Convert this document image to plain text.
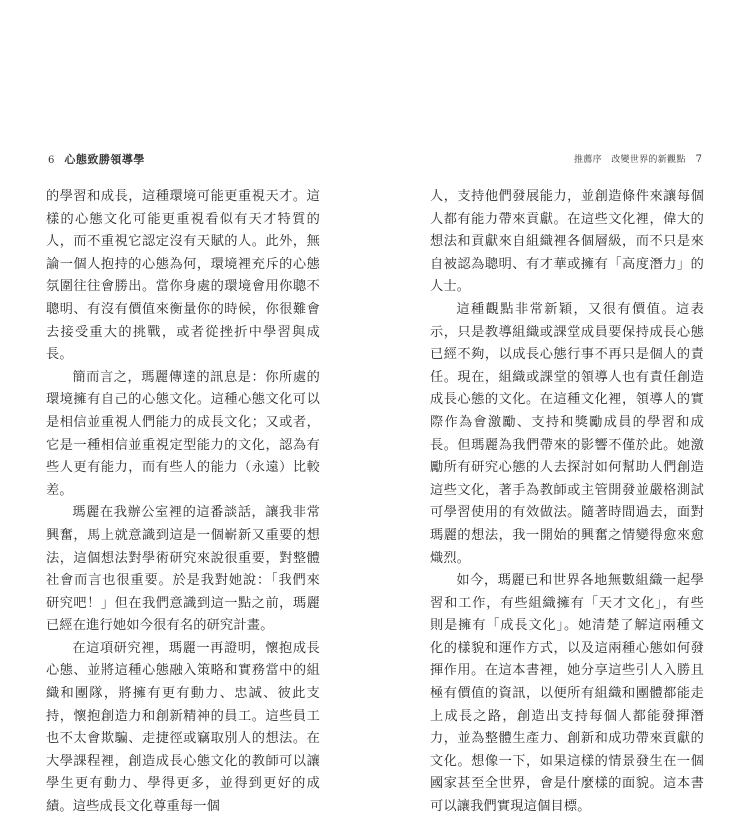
6 心態致勝領導學	推薦序　改變世界的新觀點 7

的學習和成長，這種環境可能更重視天才。這樣的心態文化可能更重視看似有天才特質的人，而不重視它認定沒有天賦的人。此外，無論一個人抱持的心態為何，環境裡充斥的心態氛圍往往會勝出。當你身處的環境會用你聰不聰明、有沒有價值來衡量你的時候，你很難會去接受重大的挑戰，或者從挫折中學習與成長。

簡而言之，瑪麗傳達的訊息是：你所處的環境擁有自己的心態文化。這種心態文化可以是相信並重視人們能力的成長文化；又或者，它是一種相信並重視定型能力的文化，認為有些人更有能力，而有些人的能力（永遠）比較差。

瑪麗在我辦公室裡的這番談話，讓我非常興奮，馬上就意識到這是一個嶄新又重要的想法，這個想法對學術研究來說很重要，對整體社會而言也很重要。於是我對她說：「我們來研究吧！」但在我們意識到這一點之前，瑪麗已經在進行她如今很有名的研究計畫。

在這項研究裡，瑪麗一再證明，懷抱成長心態、並將這種心態融入策略和實務當中的組織和團隊，將擁有更有動力、忠誠、彼此支持，懷抱創造力和創新精神的員工。這些員工也不太會欺騙、走捷徑或竊取別人的想法。在大學課程裡，創造成長心態文化的教師可以讓學生更有動力、學得更多，並得到更好的成績。這些成長文化尊重每一個

人，支持他們發展能力，並創造條件來讓每個人都有能力帶來貢獻。在這些文化裡，偉大的想法和貢獻來自組織裡各個層級，而不只是來自被認為聰明、有才華或擁有「高度潛力」的人士。

這種觀點非常新穎，又很有價值。這表示，只是教導組織或課堂成員要保持成長心態已經不夠，以成長心態行事不再只是個人的責任。現在，組織或課堂的領導人也有責任創造成長心態的文化。在這種文化裡，領導人的實際作為會激勵、支持和獎勵成員的學習和成長。但瑪麗為我們帶來的影響不僅於此。她激勵所有研究心態的人去探討如何幫助人們創造這些文化，著手為教師或主管開發並嚴格測試可學習使用的有效做法。隨著時間過去，面對瑪麗的想法，我一開始的興奮之情變得愈來愈熾烈。

如今，瑪麗已和世界各地無數組織一起學習和工作，有些組織擁有「天才文化」，有些則是擁有「成長文化」。她清楚了解這兩種文化的樣貌和運作方式，以及這兩種心態如何發揮作用。在這本書裡，她分享這些引人入勝且極有價值的資訊，以便所有組織和團體都能走上成長之路，創造出支持每個人都能發揮潛力，並為整體生產力、創新和成功帶來貢獻的文化。想像一下，如果這樣的情景發生在一個國家甚至全世界，會是什麼樣的面貌。這本書可以讓我們實現這個目標。
